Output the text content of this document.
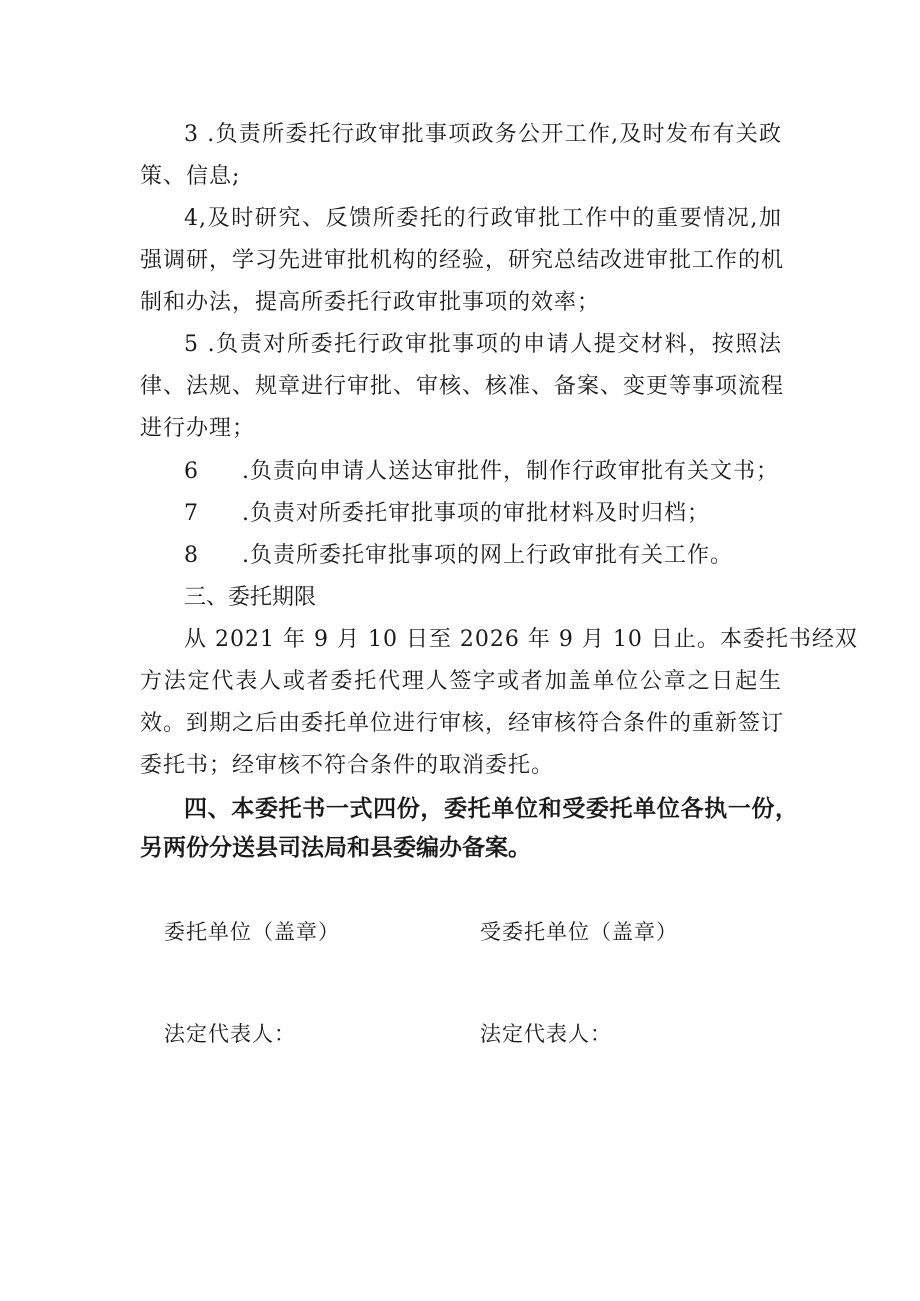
3 .负责所委托行政审批事项政务公开工作,及时发布有关政
策、信息;
4,及时研究、反馈所委托的行政审批工作中的重要情况,加
强调研，学习先进审批机构的经验，研究总结改进审批工作的机
制和办法，提高所委托行政审批事项的效率；
5 .负责对所委托行政审批事项的申请人提交材料，按照法
律、法规、规章进行审批、审核、核准、备案、变更等事项流程
进行办理；
6 .负责向申请人送达审批件，制作行政审批有关文书；
7 .负责对所委托审批事项的审批材料及时归档；
8 .负责所委托审批事项的网上行政审批有关工作。
三、委托期限
从 2021 年 9 月 10 日至 2026 年 9 月 10 日止。本委托书经双
方法定代表人或者委托代理人签字或者加盖单位公章之日起生
效。到期之后由委托单位进行审核，经审核符合条件的重新签订
委托书；经审核不符合条件的取消委托。
四、本委托书一式四份，委托单位和受委托单位各执一份，
另两份分送县司法局和县委编办备案。
委托单位（盖章）	受委托单位（盖章）
法定代表人：	法定代表人：
